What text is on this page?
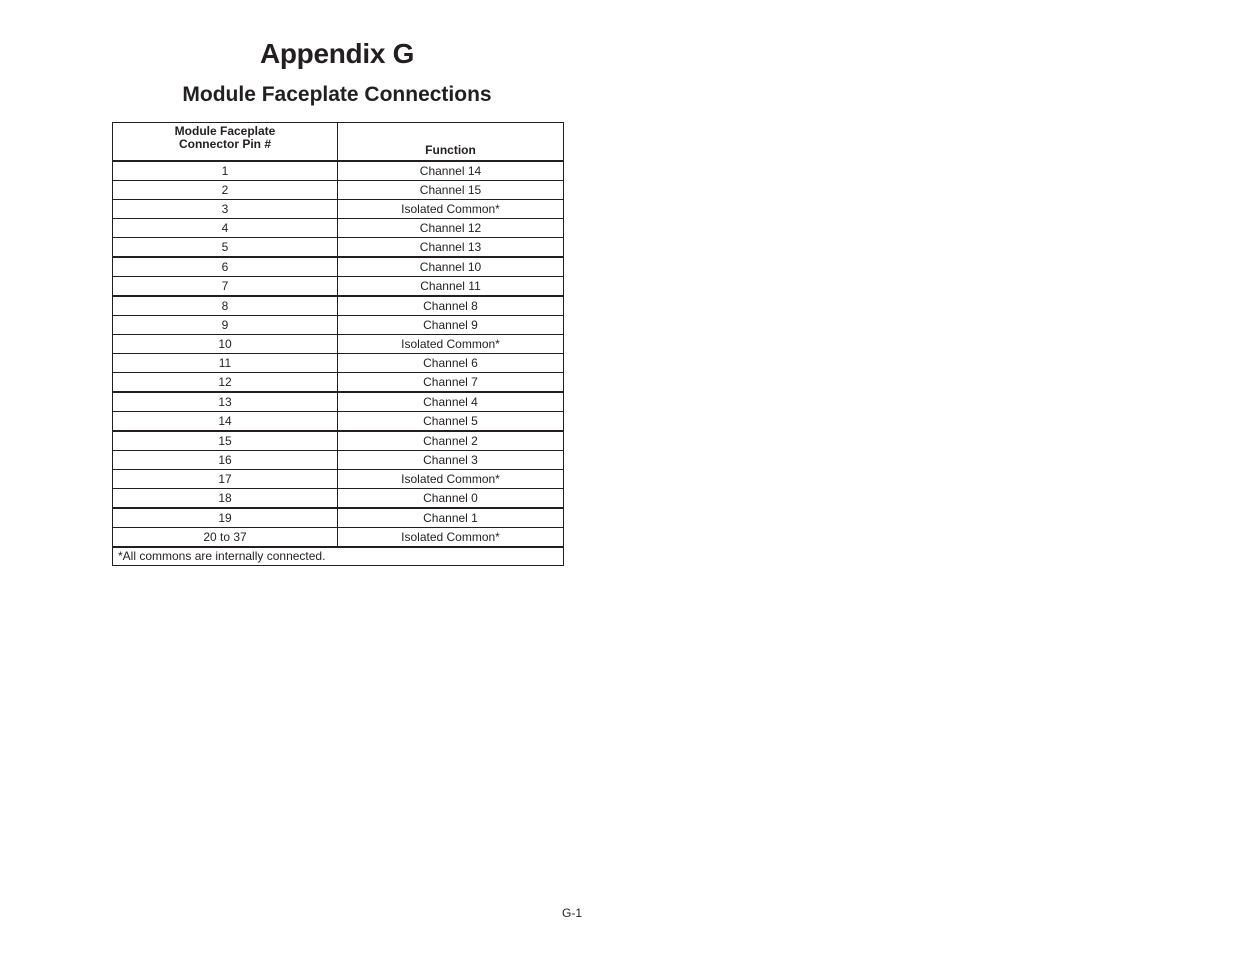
Appendix G
Module Faceplate Connections
Module Faceplate
Connector Pin #	Function
1	Channel 14
2	Channel 15
3	Isolated Common*
4	Channel 12
5	Channel 13
6	Channel 10
7	Channel 11
8	Channel 8
9	Channel 9
10	Isolated Common*
11	Channel 6
12	Channel 7
13	Channel 4
14	Channel 5
15	Channel 2
16	Channel 3
17	Isolated Common*
18	Channel 0
19	Channel 1
20 to 37	Isolated Common*
*All commons are internally connected.	
G-1
